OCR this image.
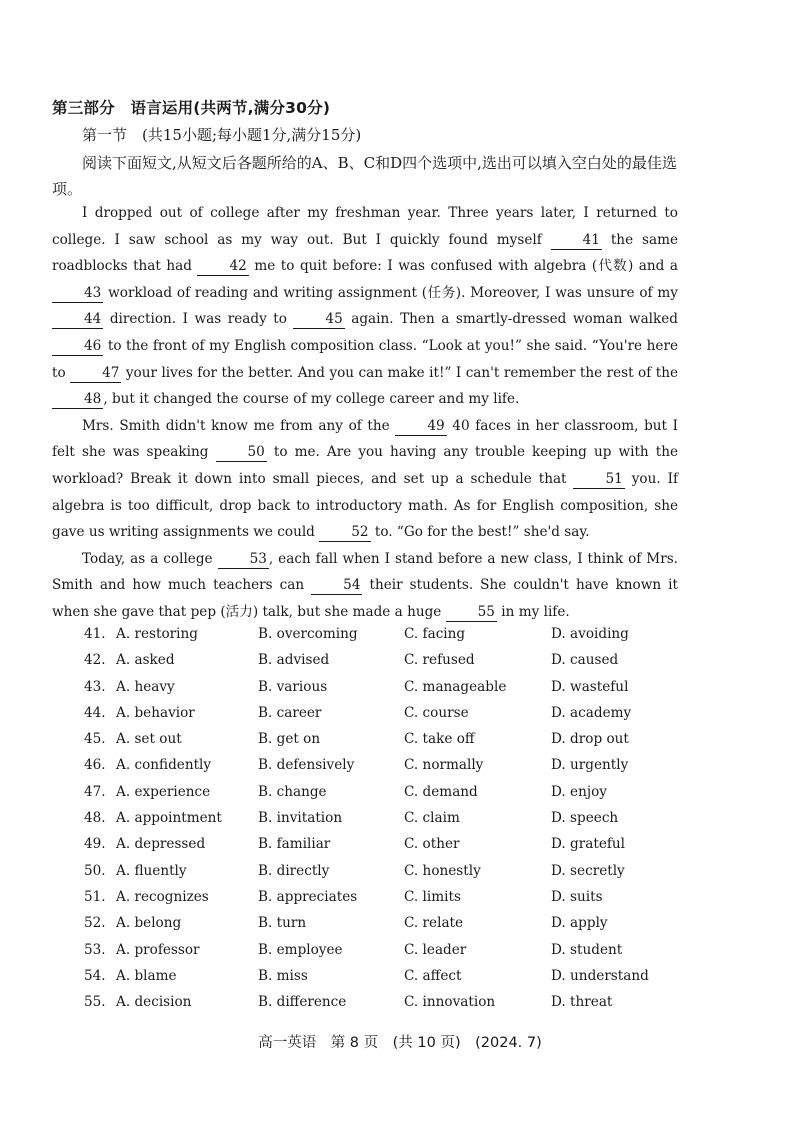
第三部分　语言运用(共两节,满分30分)
第一节　(共15小题;每小题1分,满分15分)
阅读下面短文,从短文后各题所给的A、B、C和D四个选项中,选出可以填入空白处的最佳选项。

I dropped out of college after my freshman year. Three years later, I returned to college. I saw school as my way out. But I quickly found myself 41 the same roadblocks that had 42 me to quit before: I was confused with algebra (代数) and a 43 workload of reading and writing assignment (任务). Moreover, I was unsure of my 44 direction. I was ready to 45 again. Then a smartly-dressed woman walked 46 to the front of my English composition class. “Look at you!” she said. “You're here to 47 your lives for the better. And you can make it!” I can't remember the rest of the 48 , but it changed the course of my college career and my life.

Mrs. Smith didn't know me from any of the 49 40 faces in her classroom, but I felt she was speaking 50 to me. Are you having any trouble keeping up with the workload? Break it down into small pieces, and set up a schedule that 51 you. If algebra is too difficult, drop back to introductory math. As for English composition, she gave us writing assignments we could 52 to. “Go for the best!” she'd say.

Today, as a college 53 , each fall when I stand before a new class, I think of Mrs. Smith and how much teachers can 54 their students. She couldn't have known it when she gave that pep (活力) talk, but she made a huge 55 in my life.

41. A. restoring	B. overcoming	C. facing	D. avoiding
42. A. asked	B. advised	C. refused	D. caused
43. A. heavy	B. various	C. manageable	D. wasteful
44. A. behavior	B. career	C. course	D. academy
45. A. set out	B. get on	C. take off	D. drop out
46. A. confidently	B. defensively	C. normally	D. urgently
47. A. experience	B. change	C. demand	D. enjoy
48. A. appointment	B. invitation	C. claim	D. speech
49. A. depressed	B. familiar	C. other	D. grateful
50. A. fluently	B. directly	C. honestly	D. secretly
51. A. recognizes	B. appreciates	C. limits	D. suits
52. A. belong	B. turn	C. relate	D. apply
53. A. professor	B. employee	C. leader	D. student
54. A. blame	B. miss	C. affect	D. understand
55. A. decision	B. difference	C. innovation	D. threat
高一英语　第 8 页　(共 10 页)　(2024. 7)
